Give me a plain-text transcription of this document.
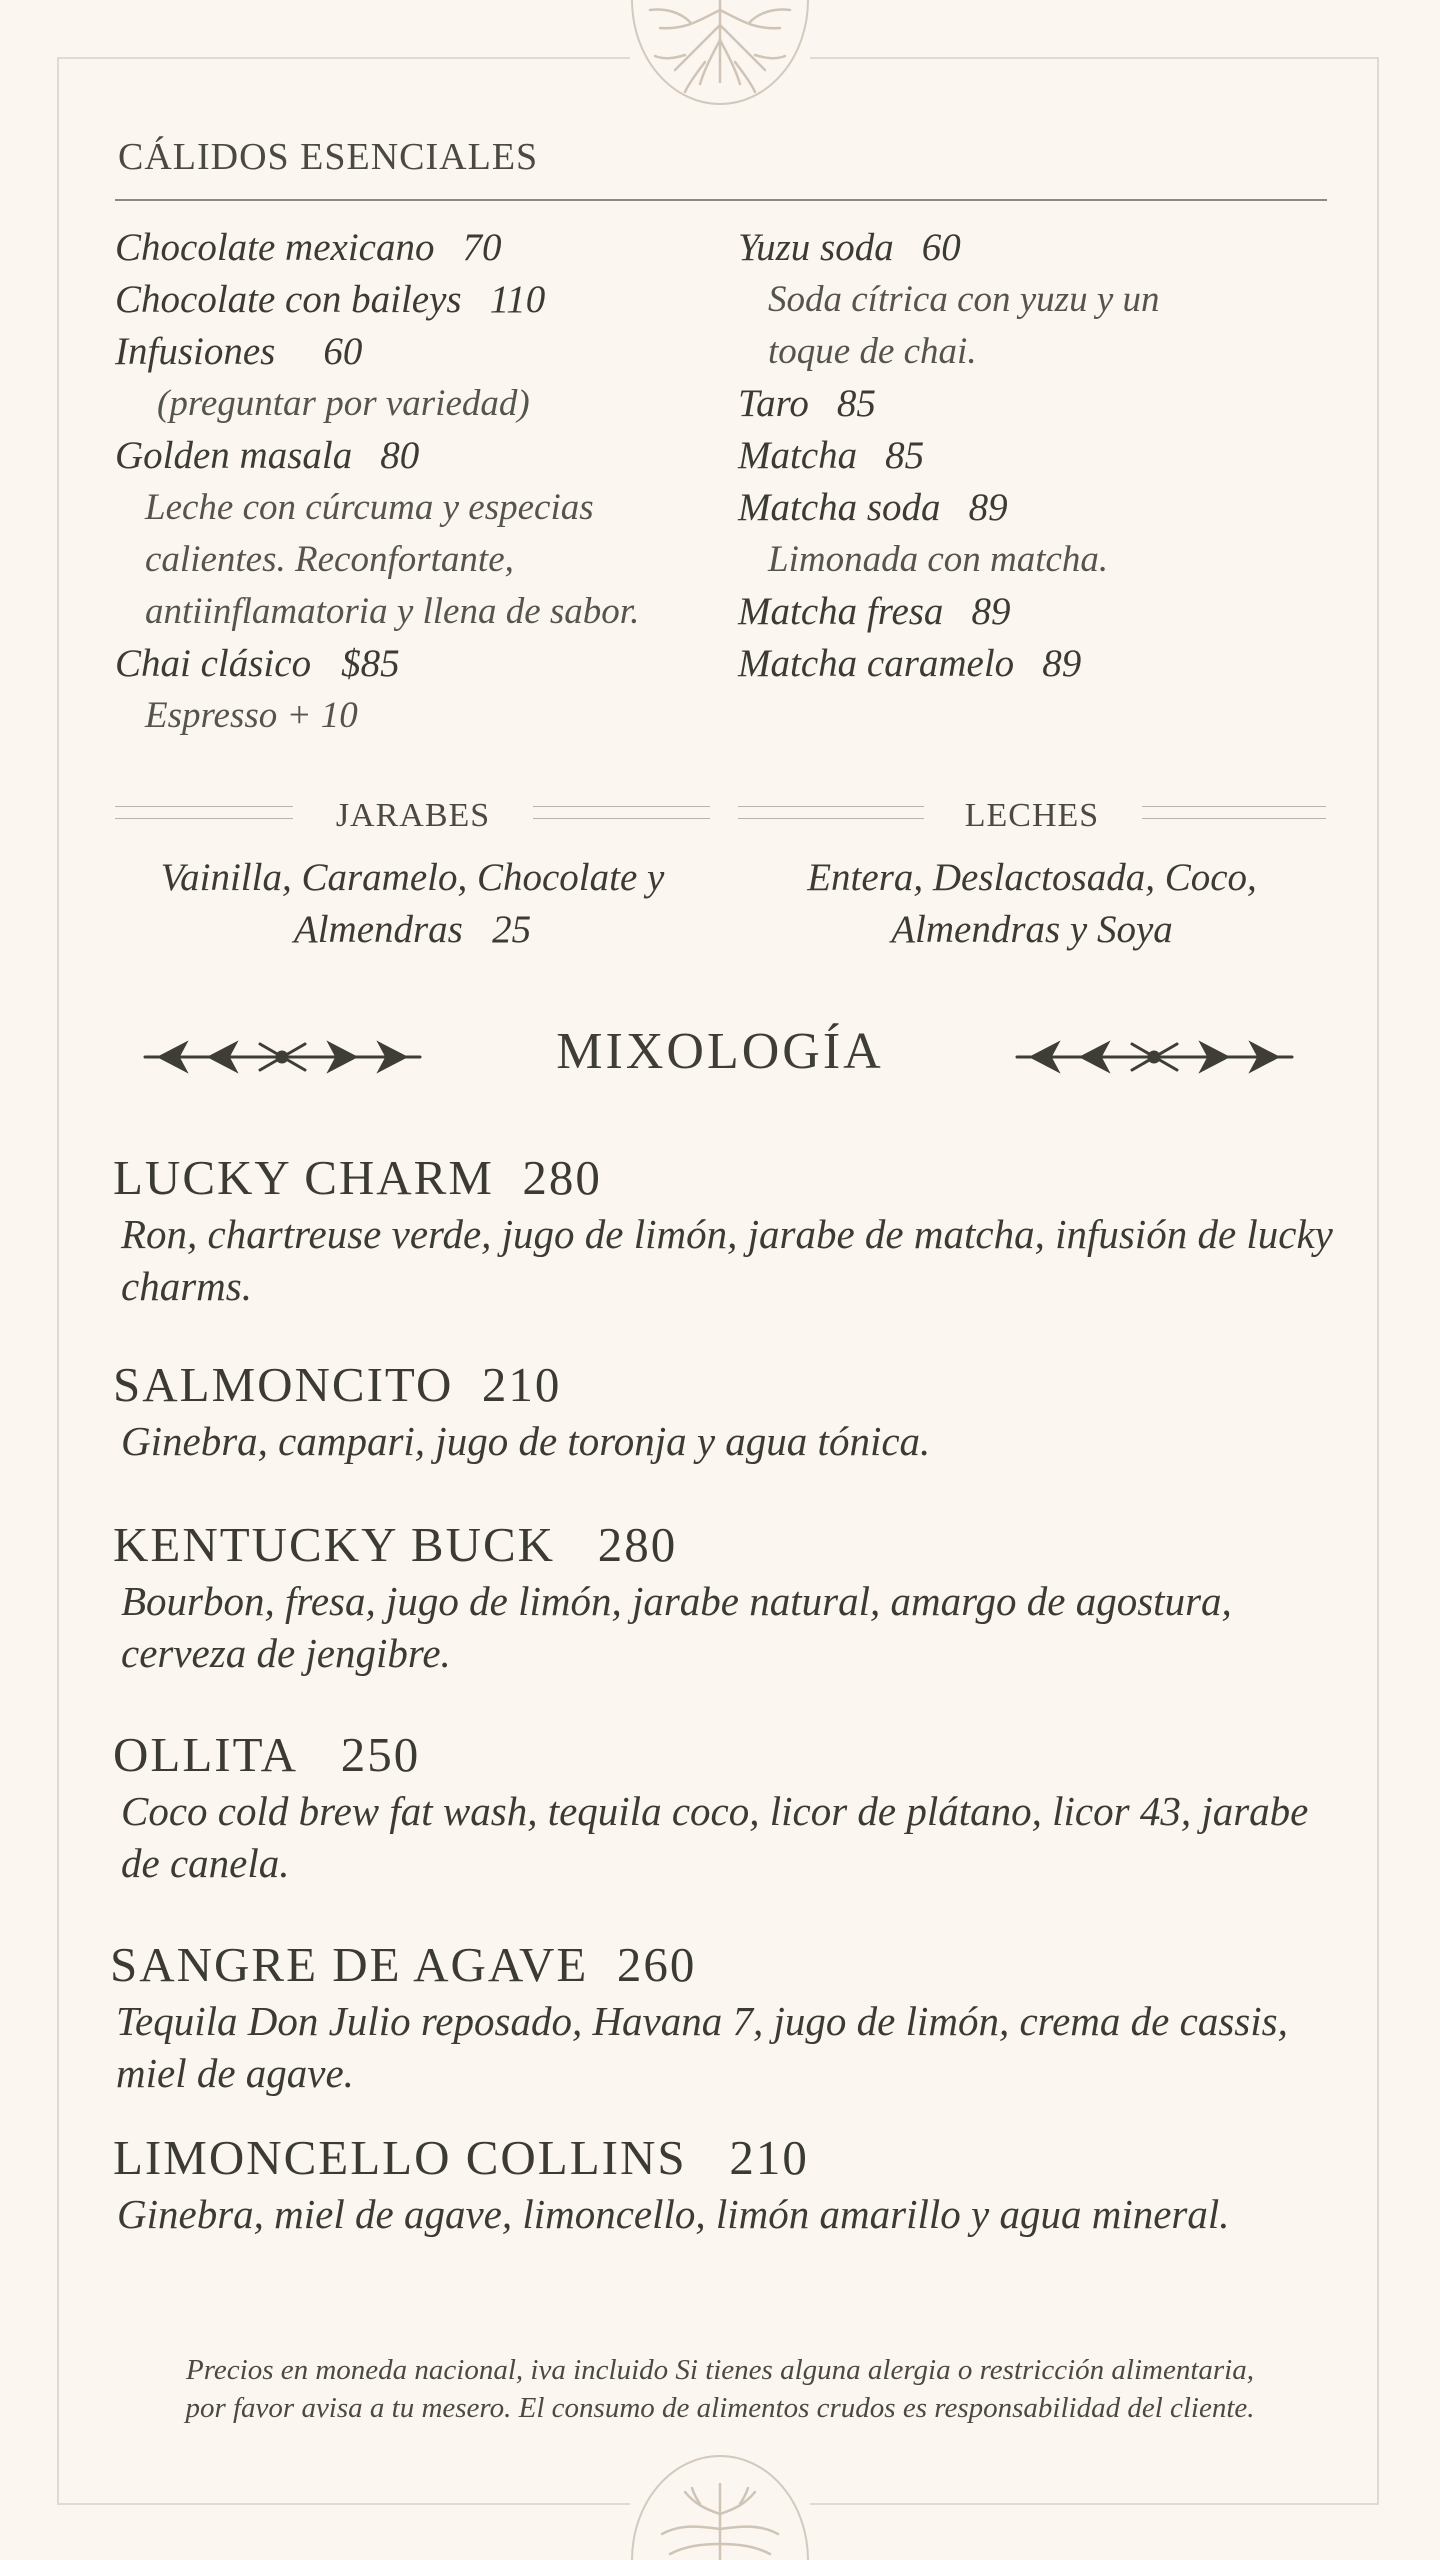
CÁLIDOS ESENCIALES
Chocolate mexicano 70
Chocolate con baileys 110
Infusiones 60
(preguntar por variedad)
Golden masala 80
Leche con cúrcuma y especias
calientes. Reconfortante,
antiinflamatoria y llena de sabor.
Chai clásico $85
Espresso + 10
Yuzu soda 60
Soda cítrica con yuzu y un
toque de chai.
Taro 85
Matcha 85
Matcha soda 89
Limonada con matcha.
Matcha fresa 89
Matcha caramelo 89
JARABES	LECHES
Vainilla, Caramelo, Chocolate y
Almendras   25
Entera, Deslactosada, Coco,
Almendras y Soya
MIXOLOGÍA
LUCKY CHARM 280
Ron, chartreuse verde, jugo de limón, jarabe de matcha, infusión de lucky charms.
SALMONCITO 210
Ginebra, campari, jugo de toronja y agua tónica.
KENTUCKY BUCK 280
Bourbon, fresa, jugo de limón, jarabe natural, amargo de agostura, cerveza de jengibre.
OLLITA 250
Coco cold brew fat wash, tequila coco, licor de plátano, licor 43, jarabe de canela.
SANGRE DE AGAVE 260
Tequila Don Julio reposado, Havana 7, jugo de limón, crema de cassis, miel de agave.
LIMONCELLO COLLINS 210
Ginebra, miel de agave, limoncello, limón amarillo y agua mineral.
Precios en moneda nacional, iva incluido Si tienes alguna alergia o restricción alimentaria,
por favor avisa a tu mesero. El consumo de alimentos crudos es responsabilidad del cliente.
